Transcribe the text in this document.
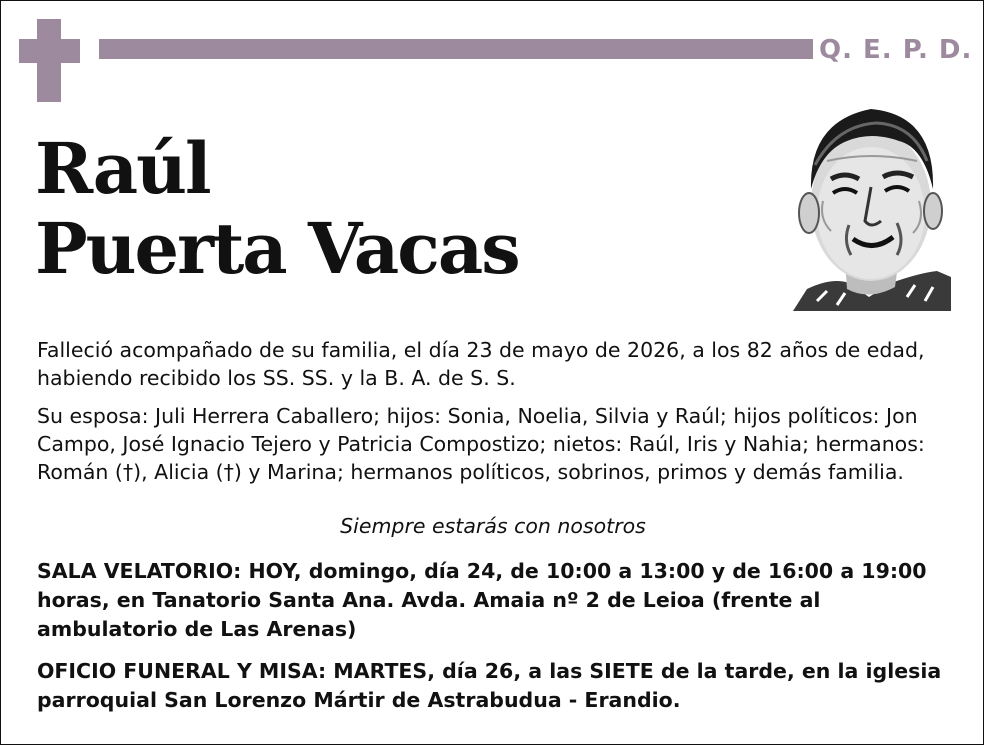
Q. E. P. D.
Raúl
Puerta Vacas
Falleció acompañado de su familia, el día 23 de mayo de 2026, a los 82 años de edad, habiendo recibido los SS. SS. y la B. A. de S. S.
Su esposa: Juli Herrera Caballero; hijos: Sonia, Noelia, Silvia y Raúl; hijos políticos: Jon Campo, José Ignacio Tejero y Patricia Compostizo; nietos: Raúl, Iris y Nahia; hermanos: Román (†), Alicia (†) y Marina; hermanos políticos, sobrinos, primos y demás familia.
Siempre estarás con nosotros
SALA VELATORIO: HOY, domingo, día 24, de 10:00 a 13:00 y de 16:00 a 19:00 horas, en Tanatorio Santa Ana. Avda. Amaia nº 2 de Leioa (frente al ambulatorio de Las Arenas)
OFICIO FUNERAL Y MISA: MARTES, día 26, a las SIETE de la tarde, en la iglesia parroquial San Lorenzo Mártir de Astrabudua - Erandio.
